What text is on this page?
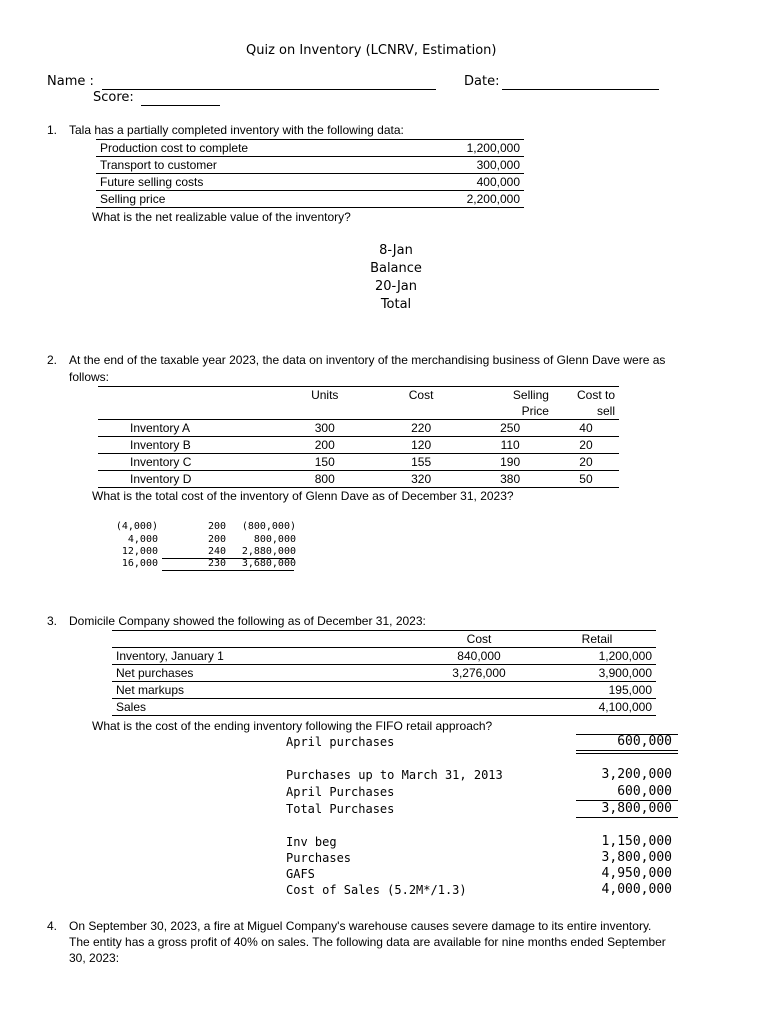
Quiz on Inventory (LCNRV, Estimation)
Name :	Date:
Score:
1. Tala has a partially completed inventory with the following data:
Production cost to complete	1,200,000
Transport to customer	300,000
Future selling costs	400,000
Selling price	2,200,000
What is the net realizable value of the inventory?
8-Jan
Balance
20-Jan
Total
2. At the end of the taxable year 2023, the data on inventory of the merchandising business of Glenn Dave were as
follows:
	Units	Cost	Selling	Cost to
			Price	sell
Inventory A	300	220	250	40
Inventory B	200	120	110	20
Inventory C	150	155	190	20
Inventory D	800	320	380	50
What is the total cost of the inventory of Glenn Dave as of December 31, 2023?
(4,000)	200	(800,000)
4,000	200	800,000
12,000	240	2,880,000
16,000	230	3,680,000
3. Domicile Company showed the following as of December 31, 2023:
	Cost	Retail
Inventory, January 1	840,000	1,200,000
Net purchases	3,276,000	3,900,000
Net markups		195,000
Sales		4,100,000
What is the cost of the ending inventory following the FIFO retail approach?
April purchases	600,000
Purchases up to March 31, 2013	3,200,000
April Purchases	600,000
Total Purchases	3,800,000
Inv beg	1,150,000
Purchases	3,800,000
GAFS	4,950,000
Cost of Sales (5.2M*/1.3)	4,000,000
4. On September 30, 2023, a fire at Miguel Company's warehouse causes severe damage to its entire inventory.
The entity has a gross profit of 40% on sales. The following data are available for nine months ended September
30, 2023:
